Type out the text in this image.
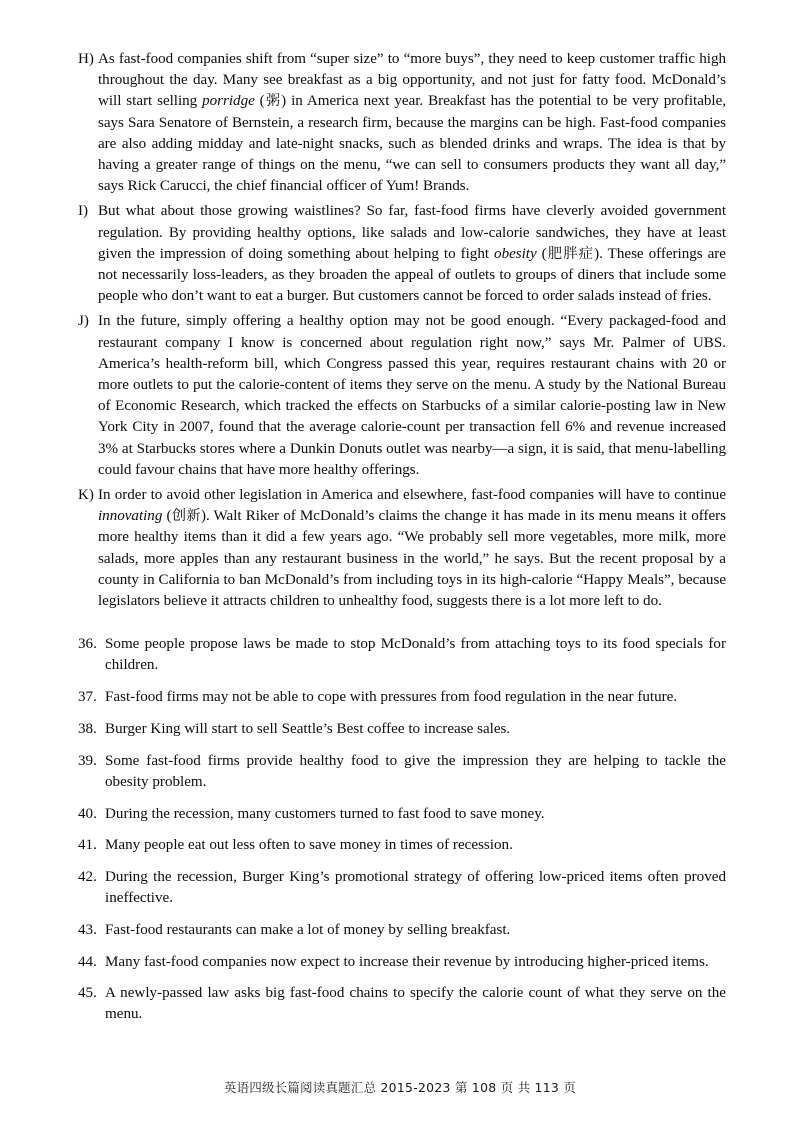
H) As fast-food companies shift from “super size” to “more buys”, they need to keep customer traffic high throughout the day. Many see breakfast as a big opportunity, and not just for fatty food. McDonald’s will start selling porridge (粥) in America next year. Breakfast has the potential to be very profitable, says Sara Senatore of Bernstein, a research firm, because the margins can be high. Fast-food companies are also adding midday and late-night snacks, such as blended drinks and wraps. The idea is that by having a greater range of things on the menu, “we can sell to consumers products they want all day,” says Rick Carucci, the chief financial officer of Yum! Brands.

I) But what about those growing waistlines? So far, fast-food firms have cleverly avoided government regulation. By providing healthy options, like salads and low-calorie sandwiches, they have at least given the impression of doing something about helping to fight obesity (肥胖症). These offerings are not necessarily loss-leaders, as they broaden the appeal of outlets to groups of diners that include some people who don’t want to eat a burger. But customers cannot be forced to order salads instead of fries.

J) In the future, simply offering a healthy option may not be good enough. “Every packaged-food and restaurant company I know is concerned about regulation right now,” says Mr. Palmer of UBS. America’s health-reform bill, which Congress passed this year, requires restaurant chains with 20 or more outlets to put the calorie-content of items they serve on the menu. A study by the National Bureau of Economic Research, which tracked the effects on Starbucks of a similar calorie-posting law in New York City in 2007, found that the average calorie-count per transaction fell 6% and revenue increased 3% at Starbucks stores where a Dunkin Donuts outlet was nearby—a sign, it is said, that menu-labelling could favour chains that have more healthy offerings.

K) In order to avoid other legislation in America and elsewhere, fast-food companies will have to continue innovating (创新). Walt Riker of McDonald’s claims the change it has made in its menu means it offers more healthy items than it did a few years ago. “We probably sell more vegetables, more milk, more salads, more apples than any restaurant business in the world,” he says. But the recent proposal by a county in California to ban McDonald’s from including toys in its high-calorie “Happy Meals”, because legislators believe it attracts children to unhealthy food, suggests there is a lot more left to do.

36. Some people propose laws be made to stop McDonald’s from attaching toys to its food specials for children.
37. Fast-food firms may not be able to cope with pressures from food regulation in the near future.
38. Burger King will start to sell Seattle’s Best coffee to increase sales.
39. Some fast-food firms provide healthy food to give the impression they are helping to tackle the obesity problem.
40. During the recession, many customers turned to fast food to save money.
41. Many people eat out less often to save money in times of recession.
42. During the recession, Burger King’s promotional strategy of offering low-priced items often proved ineffective.
43. Fast-food restaurants can make a lot of money by selling breakfast.
44. Many fast-food companies now expect to increase their revenue by introducing higher-priced items.
45. A newly-passed law asks big fast-food chains to specify the calorie count of what they serve on the menu.
英语四级长篇阅读真题汇总 2015-2023 第 108 页 共 113 页
